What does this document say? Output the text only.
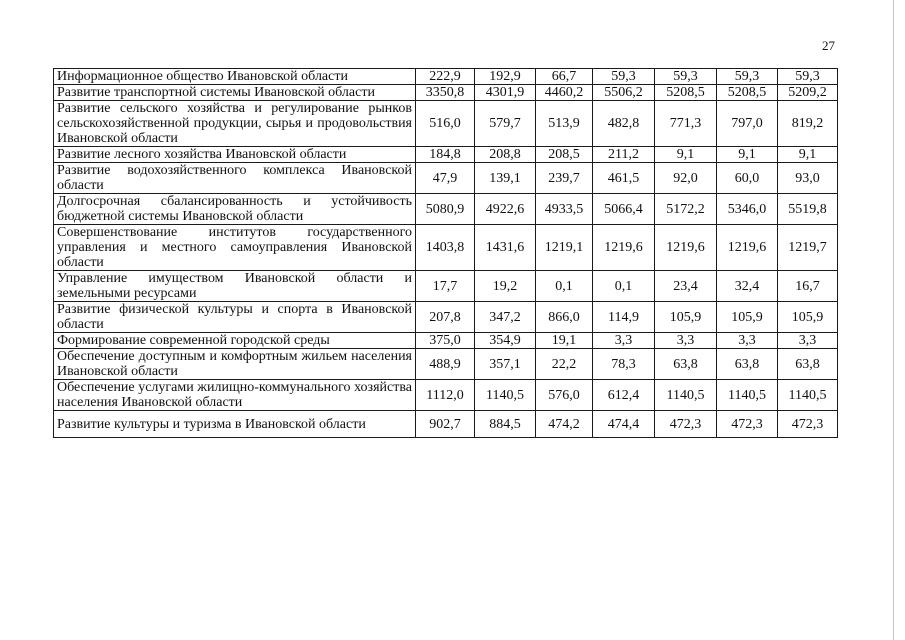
27
Информационное общество Ивановской области	222,9	192,9	66,7	59,3	59,3	59,3	59,3
Развитие транспортной системы Ивановской области	3350,8	4301,9	4460,2	5506,2	5208,5	5208,5	5209,2
Развитие сельского хозяйства и регулирование рынков сельскохозяйственной продукции, сырья и продовольствия Ивановской области	516,0	579,7	513,9	482,8	771,3	797,0	819,2
Развитие лесного хозяйства Ивановской области	184,8	208,8	208,5	211,2	9,1	9,1	9,1
Развитие водохозяйственного комплекса Ивановской области	47,9	139,1	239,7	461,5	92,0	60,0	93,0
Долгосрочная сбалансированность и устойчивость бюджетной системы Ивановской области	5080,9	4922,6	4933,5	5066,4	5172,2	5346,0	5519,8
Совершенствование институтов государственного управления и местного самоуправления Ивановской области	1403,8	1431,6	1219,1	1219,6	1219,6	1219,6	1219,7
Управление имуществом Ивановской области и земельными ресурсами	17,7	19,2	0,1	0,1	23,4	32,4	16,7
Развитие физической культуры и спорта в Ивановской области	207,8	347,2	866,0	114,9	105,9	105,9	105,9
Формирование современной городской среды	375,0	354,9	19,1	3,3	3,3	3,3	3,3
Обеспечение доступным и комфортным жильем населения Ивановской области	488,9	357,1	22,2	78,3	63,8	63,8	63,8
Обеспечение услугами жилищно-коммунального хозяйства населения Ивановской области	1112,0	1140,5	576,0	612,4	1140,5	1140,5	1140,5
Развитие культуры и туризма в Ивановской области	902,7	884,5	474,2	474,4	472,3	472,3	472,3
